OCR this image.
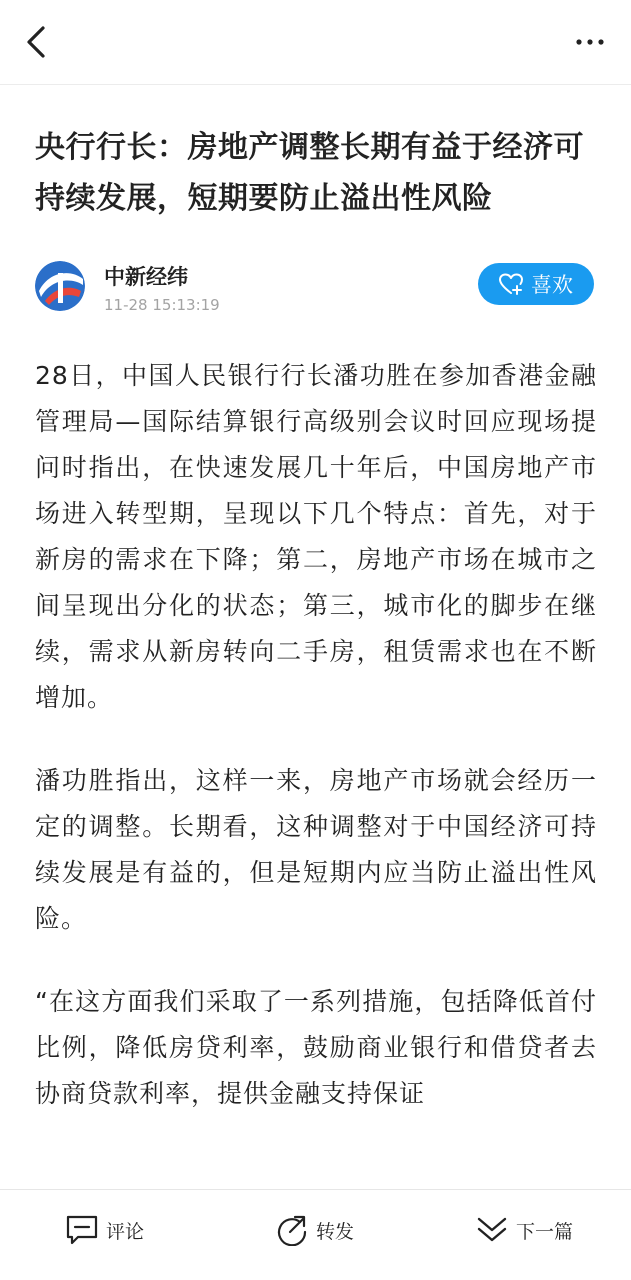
央行行长：房地产调整长期有益于经济可持续发展，短期要防止溢出性风险
中新经纬
11-28 15:13:19
喜欢

28日，中国人民银行行长潘功胜在参加香港金融管理局—国际结算银行高级别会议时回应现场提问时指出，在快速发展几十年后，中国房地产市场进入转型期，呈现以下几个特点：首先，对于新房的需求在下降；第二，房地产市场在城市之间呈现出分化的状态；第三，城市化的脚步在继续，需求从新房转向二手房，租赁需求也在不断增加。

潘功胜指出，这样一来，房地产市场就会经历一定的调整。长期看，这种调整对于中国经济可持续发展是有益的，但是短期内应当防止溢出性风险。

“在这方面我们采取了一系列措施，包括降低首付比例，降低房贷利率，鼓励商业银行和借贷者去协商贷款利率，提供金融支持保证

评论	转发	下一篇
